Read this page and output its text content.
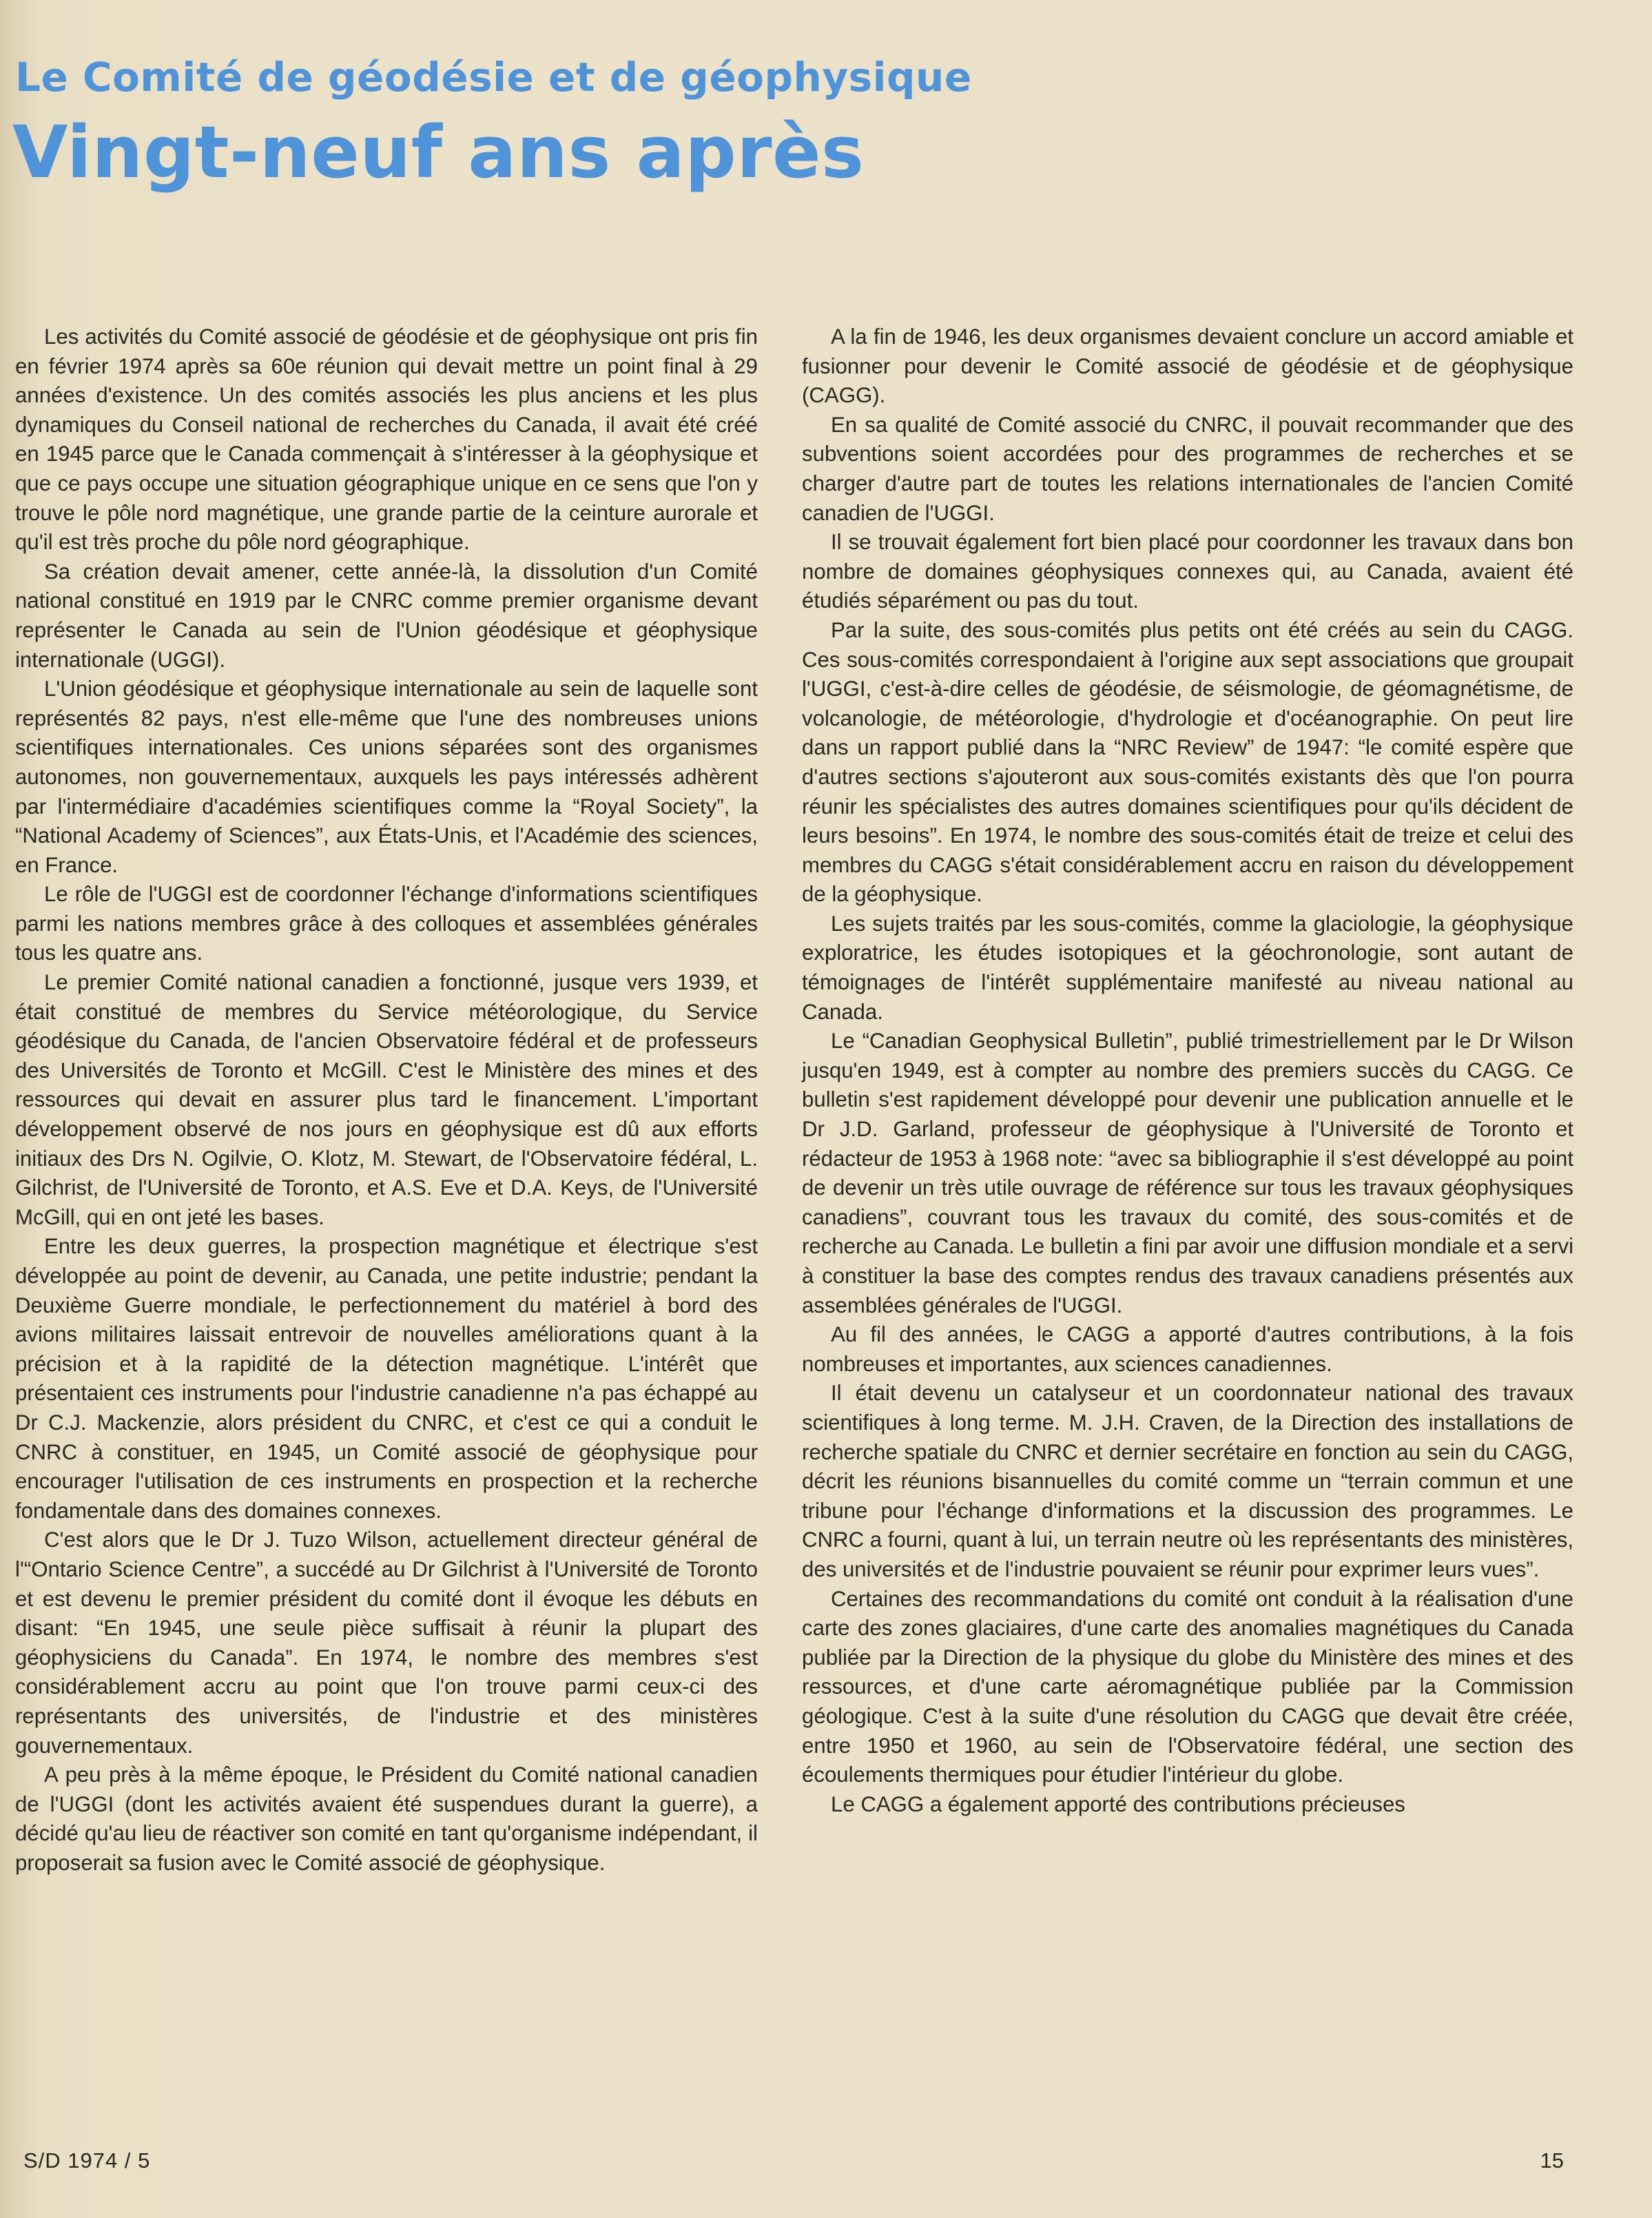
Le Comité de géodésie et de géophysique
Vingt-neuf ans après

Les activités du Comité associé de géodésie et de géophysique ont pris fin en février 1974 après sa 60e réunion qui devait mettre un point final à 29 années d'existence. Un des comités associés les plus anciens et les plus dynamiques du Conseil national de recherches du Canada, il avait été créé en 1945 parce que le Canada commençait à s'intéresser à la géophysique et que ce pays occupe une situation géographique unique en ce sens que l'on y trouve le pôle nord magnétique, une grande partie de la ceinture aurorale et qu'il est très proche du pôle nord géographique.

Sa création devait amener, cette année-là, la dissolution d'un Comité national constitué en 1919 par le CNRC comme premier organisme devant représenter le Canada au sein de l'Union géodésique et géophysique internationale (UGGI).

L'Union géodésique et géophysique internationale au sein de laquelle sont représentés 82 pays, n'est elle-même que l'une des nombreuses unions scientifiques internationales. Ces unions séparées sont des organismes autonomes, non gouvernementaux, auxquels les pays intéressés adhèrent par l'intermédiaire d'académies scientifiques comme la “Royal Society”, la “National Academy of Sciences”, aux États-Unis, et l'Académie des sciences, en France.

Le rôle de l'UGGI est de coordonner l'échange d'informations scientifiques parmi les nations membres grâce à des colloques et assemblées générales tous les quatre ans.

Le premier Comité national canadien a fonctionné, jusque vers 1939, et était constitué de membres du Service météorologique, du Service géodésique du Canada, de l'ancien Observatoire fédéral et de professeurs des Universités de Toronto et McGill. C'est le Ministère des mines et des ressources qui devait en assurer plus tard le financement. L'important développement observé de nos jours en géophysique est dû aux efforts initiaux des Drs N. Ogilvie, O. Klotz, M. Stewart, de l'Observatoire fédéral, L. Gilchrist, de l'Université de Toronto, et A.S. Eve et D.A. Keys, de l'Université McGill, qui en ont jeté les bases.

Entre les deux guerres, la prospection magnétique et électrique s'est développée au point de devenir, au Canada, une petite industrie; pendant la Deuxième Guerre mondiale, le perfectionnement du matériel à bord des avions militaires laissait entrevoir de nouvelles améliorations quant à la précision et à la rapidité de la détection magnétique. L'intérêt que présentaient ces instruments pour l'industrie canadienne n'a pas échappé au Dr C.J. Mackenzie, alors président du CNRC, et c'est ce qui a conduit le CNRC à constituer, en 1945, un Comité associé de géophysique pour encourager l'utilisation de ces instruments en prospection et la recherche fondamentale dans des domaines connexes.

C'est alors que le Dr J. Tuzo Wilson, actuellement directeur général de l'“Ontario Science Centre”, a succédé au Dr Gilchrist à l'Université de Toronto et est devenu le premier président du comité dont il évoque les débuts en disant: “En 1945, une seule pièce suffisait à réunir la plupart des géophysiciens du Canada”. En 1974, le nombre des membres s'est considérablement accru au point que l'on trouve parmi ceux-ci des représentants des universités, de l'industrie et des ministères gouvernementaux.

A peu près à la même époque, le Président du Comité national canadien de l'UGGI (dont les activités avaient été suspendues durant la guerre), a décidé qu'au lieu de réactiver son comité en tant qu'organisme indépendant, il proposerait sa fusion avec le Comité associé de géophysique.

A la fin de 1946, les deux organismes devaient conclure un accord amiable et fusionner pour devenir le Comité associé de géodésie et de géophysique (CAGG).

En sa qualité de Comité associé du CNRC, il pouvait recommander que des subventions soient accordées pour des programmes de recherches et se charger d'autre part de toutes les relations internationales de l'ancien Comité canadien de l'UGGI.

Il se trouvait également fort bien placé pour coordonner les travaux dans bon nombre de domaines géophysiques connexes qui, au Canada, avaient été étudiés séparément ou pas du tout.

Par la suite, des sous-comités plus petits ont été créés au sein du CAGG. Ces sous-comités correspondaient à l'origine aux sept associations que groupait l'UGGI, c'est-à-dire celles de géodésie, de séismologie, de géomagnétisme, de volcanologie, de météorologie, d'hydrologie et d'océanographie. On peut lire dans un rapport publié dans la “NRC Review” de 1947: “le comité espère que d'autres sections s'ajouteront aux sous-comités existants dès que l'on pourra réunir les spécialistes des autres domaines scientifiques pour qu'ils décident de leurs besoins”. En 1974, le nombre des sous-comités était de treize et celui des membres du CAGG s'était considérablement accru en raison du développement de la géophysique.

Les sujets traités par les sous-comités, comme la glaciologie, la géophysique exploratrice, les études isotopiques et la géochronologie, sont autant de témoignages de l'intérêt supplémentaire manifesté au niveau national au Canada.

Le “Canadian Geophysical Bulletin”, publié trimestriellement par le Dr Wilson jusqu'en 1949, est à compter au nombre des premiers succès du CAGG. Ce bulletin s'est rapidement développé pour devenir une publication annuelle et le Dr J.D. Garland, professeur de géophysique à l'Université de Toronto et rédacteur de 1953 à 1968 note: “avec sa bibliographie il s'est développé au point de devenir un très utile ouvrage de référence sur tous les travaux géophysiques canadiens”, couvrant tous les travaux du comité, des sous-comités et de recherche au Canada. Le bulletin a fini par avoir une diffusion mondiale et a servi à constituer la base des comptes rendus des travaux canadiens présentés aux assemblées générales de l'UGGI.

Au fil des années, le CAGG a apporté d'autres contributions, à la fois nombreuses et importantes, aux sciences canadiennes.

Il était devenu un catalyseur et un coordonnateur national des travaux scientifiques à long terme. M. J.H. Craven, de la Direction des installations de recherche spatiale du CNRC et dernier secrétaire en fonction au sein du CAGG, décrit les réunions bisannuelles du comité comme un “terrain commun et une tribune pour l'échange d'informations et la discussion des programmes. Le CNRC a fourni, quant à lui, un terrain neutre où les représentants des ministères, des universités et de l'industrie pouvaient se réunir pour exprimer leurs vues”.

Certaines des recommandations du comité ont conduit à la réalisation d'une carte des zones glaciaires, d'une carte des anomalies magnétiques du Canada publiée par la Direction de la physique du globe du Ministère des mines et des ressources, et d'une carte aéromagnétique publiée par la Commission géologique. C'est à la suite d'une résolution du CAGG que devait être créée, entre 1950 et 1960, au sein de l'Observatoire fédéral, une section des écoulements thermiques pour étudier l'intérieur du globe.

Le CAGG a également apporté des contributions précieuses

S/D 1974 / 5	15
